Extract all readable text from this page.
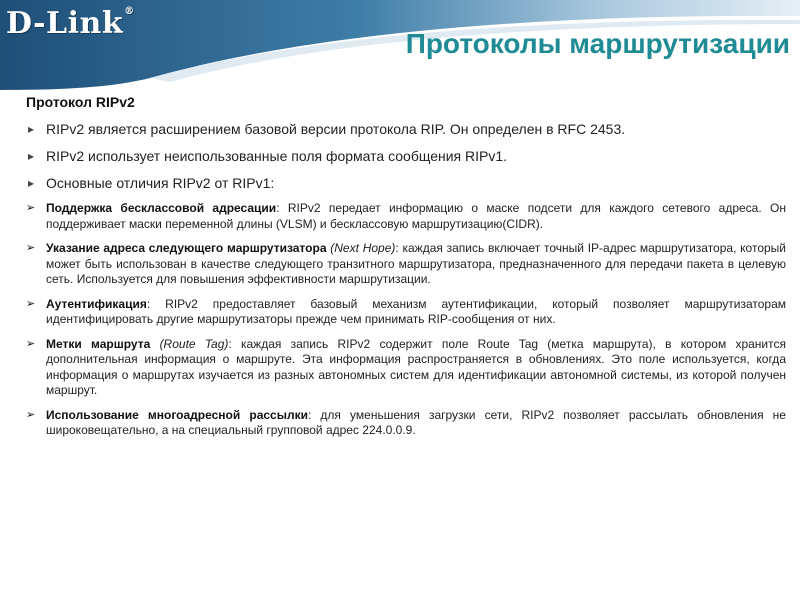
D-Link®
Протоколы маршрутизации
Протокол RIPv2
▸ RIPv2 является расширением базовой версии протокола RIP. Он определен в RFC 2453.
▸ RIPv2 использует неиспользованные поля формата сообщения RIPv1.
▸ Основные отличия RIPv2 от RIPv1:
➢ Поддержка бесклассовой адресации: RIPv2 передает информацию о маске подсети для каждого сетевого адреса. Он поддерживает маски переменной длины (VLSM) и бесклассовую маршрутизацию(CIDR).
➢ Указание адреса следующего маршрутизатора (Next Hope): каждая запись включает точный IP-адрес маршрутизатора, который может быть использован в качестве следующего транзитного маршрутизатора, предназначенного для передачи пакета в целевую сеть. Используется для повышения эффективности маршрутизации.
➢ Аутентификация: RIPv2 предоставляет базовый механизм аутентификации, который позволяет маршрутизаторам идентифицировать другие маршрутизаторы прежде чем принимать RIP-сообщения от них.
➢ Метки маршрута (Route Tag): каждая запись RIPv2 содержит поле Route Tag (метка маршрута), в котором хранится дополнительная информация о маршруте. Эта информация распространяется в обновлениях. Это поле используется, когда информация о маршрутах изучается из разных автономных систем для идентификации автономной системы, из которой получен маршрут.
➢ Использование многоадресной рассылки: для уменьшения загрузки сети, RIPv2 позволяет рассылать обновления не широковещательно, а на специальный групповой адрес 224.0.0.9.
